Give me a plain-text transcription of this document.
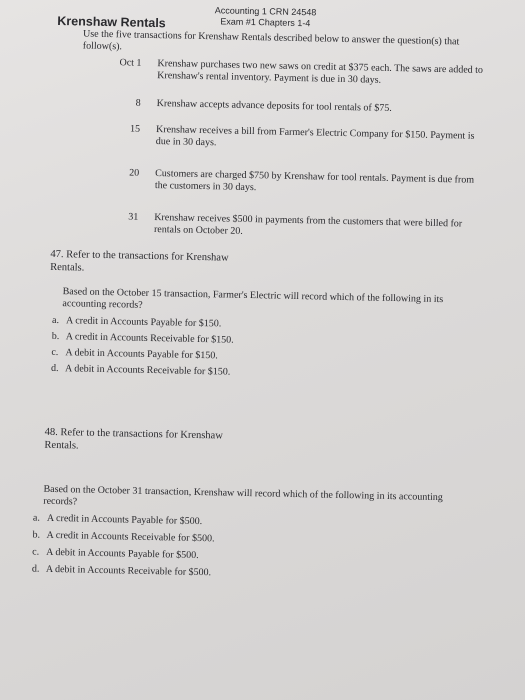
Accounting 1 CRN 24548
Exam #1 Chapters 1-4
Krenshaw Rentals
Use the five transactions for Krenshaw Rentals described below to answer the question(s) that follow(s).
Oct 1 Krenshaw purchases two new saws on credit at $375 each. The saws are added to Krenshaw's rental inventory. Payment is due in 30 days.
8 Krenshaw accepts advance deposits for tool rentals of $75.
15 Krenshaw receives a bill from Farmer's Electric Company for $150. Payment is due in 30 days.
20 Customers are charged $750 by Krenshaw for tool rentals. Payment is due from the customers in 30 days.
31 Krenshaw receives $500 in payments from the customers that were billed for rentals on October 20.
47. Refer to the transactions for Krenshaw Rentals.
Based on the October 15 transaction, Farmer's Electric will record which of the following in its accounting records?
a. A credit in Accounts Payable for $150.
b. A credit in Accounts Receivable for $150.
c. A debit in Accounts Payable for $150.
d. A debit in Accounts Receivable for $150.
48. Refer to the transactions for Krenshaw Rentals.
Based on the October 31 transaction, Krenshaw will record which of the following in its accounting records?
a. A credit in Accounts Payable for $500.
b. A credit in Accounts Receivable for $500.
c. A debit in Accounts Payable for $500.
d. A debit in Accounts Receivable for $500.
